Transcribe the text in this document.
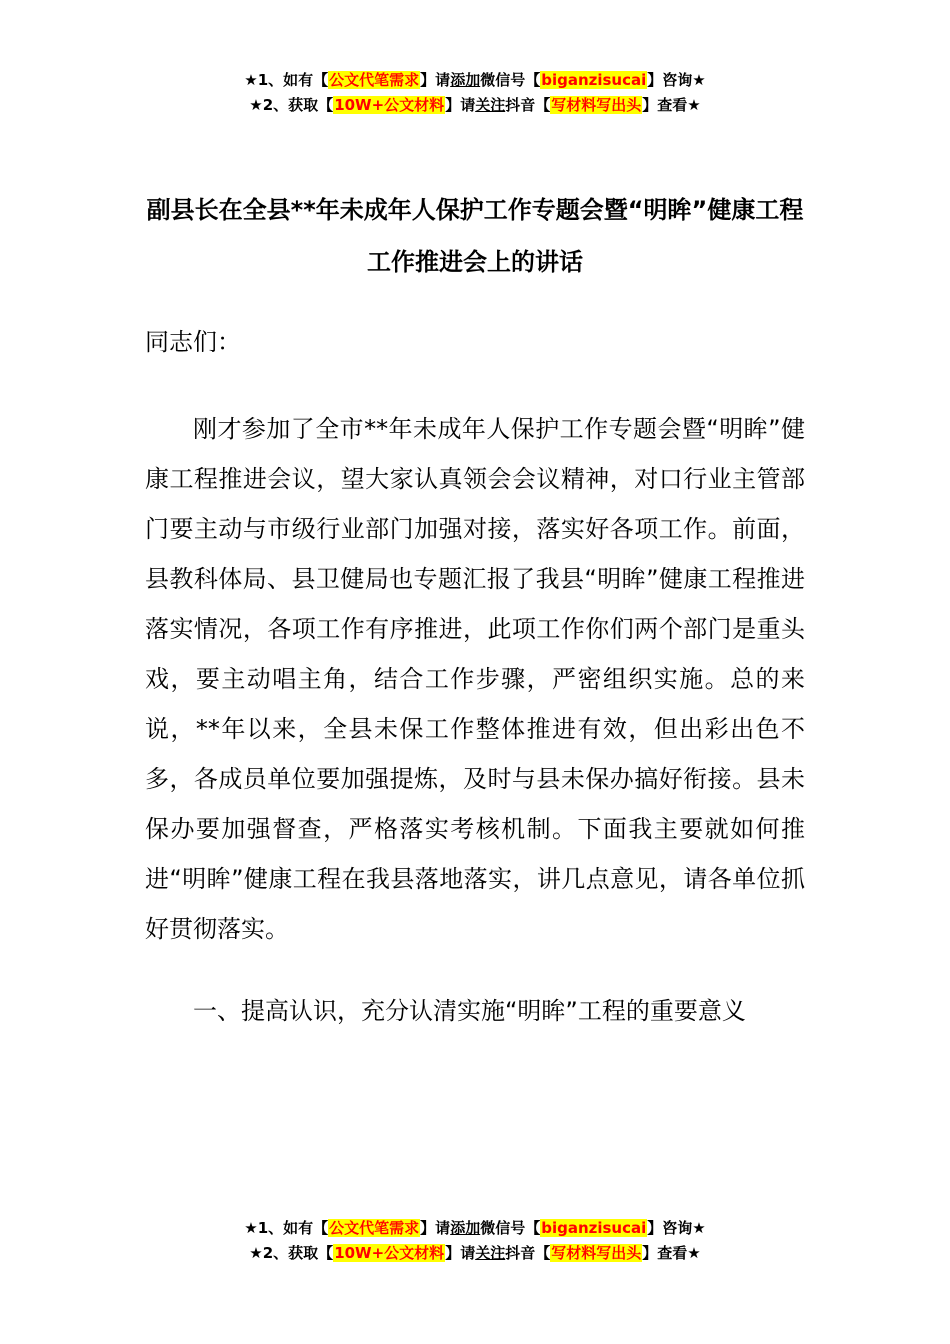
★1、如有【公文代笔需求】请添加微信号【biganzisucai】咨询★
★2、获取【10W+公文材料】请关注抖音【写材料写出头】查看★
副县长在全县**年未成年人保护工作专题会暨“明眸”健康工程工作推进会上的讲话
同志们：
刚才参加了全市**年未成年人保护工作专题会暨“明眸”健康工程推进会议，望大家认真领会会议精神，对口行业主管部门要主动与市级行业部门加强对接，落实好各项工作。前面，县教科体局、县卫健局也专题汇报了我县“明眸”健康工程推进落实情况，各项工作有序推进，此项工作你们两个部门是重头戏，要主动唱主角，结合工作步骤，严密组织实施。总的来说，**年以来，全县未保工作整体推进有效，但出彩出色不多，各成员单位要加强提炼，及时与县未保办搞好衔接。县未保办要加强督查，严格落实考核机制。下面我主要就如何推进“明眸”健康工程在我县落地落实，讲几点意见，请各单位抓好贯彻落实。
一、提高认识，充分认清实施“明眸”工程的重要意义
★1、如有【公文代笔需求】请添加微信号【biganzisucai】咨询★
★2、获取【10W+公文材料】请关注抖音【写材料写出头】查看★
